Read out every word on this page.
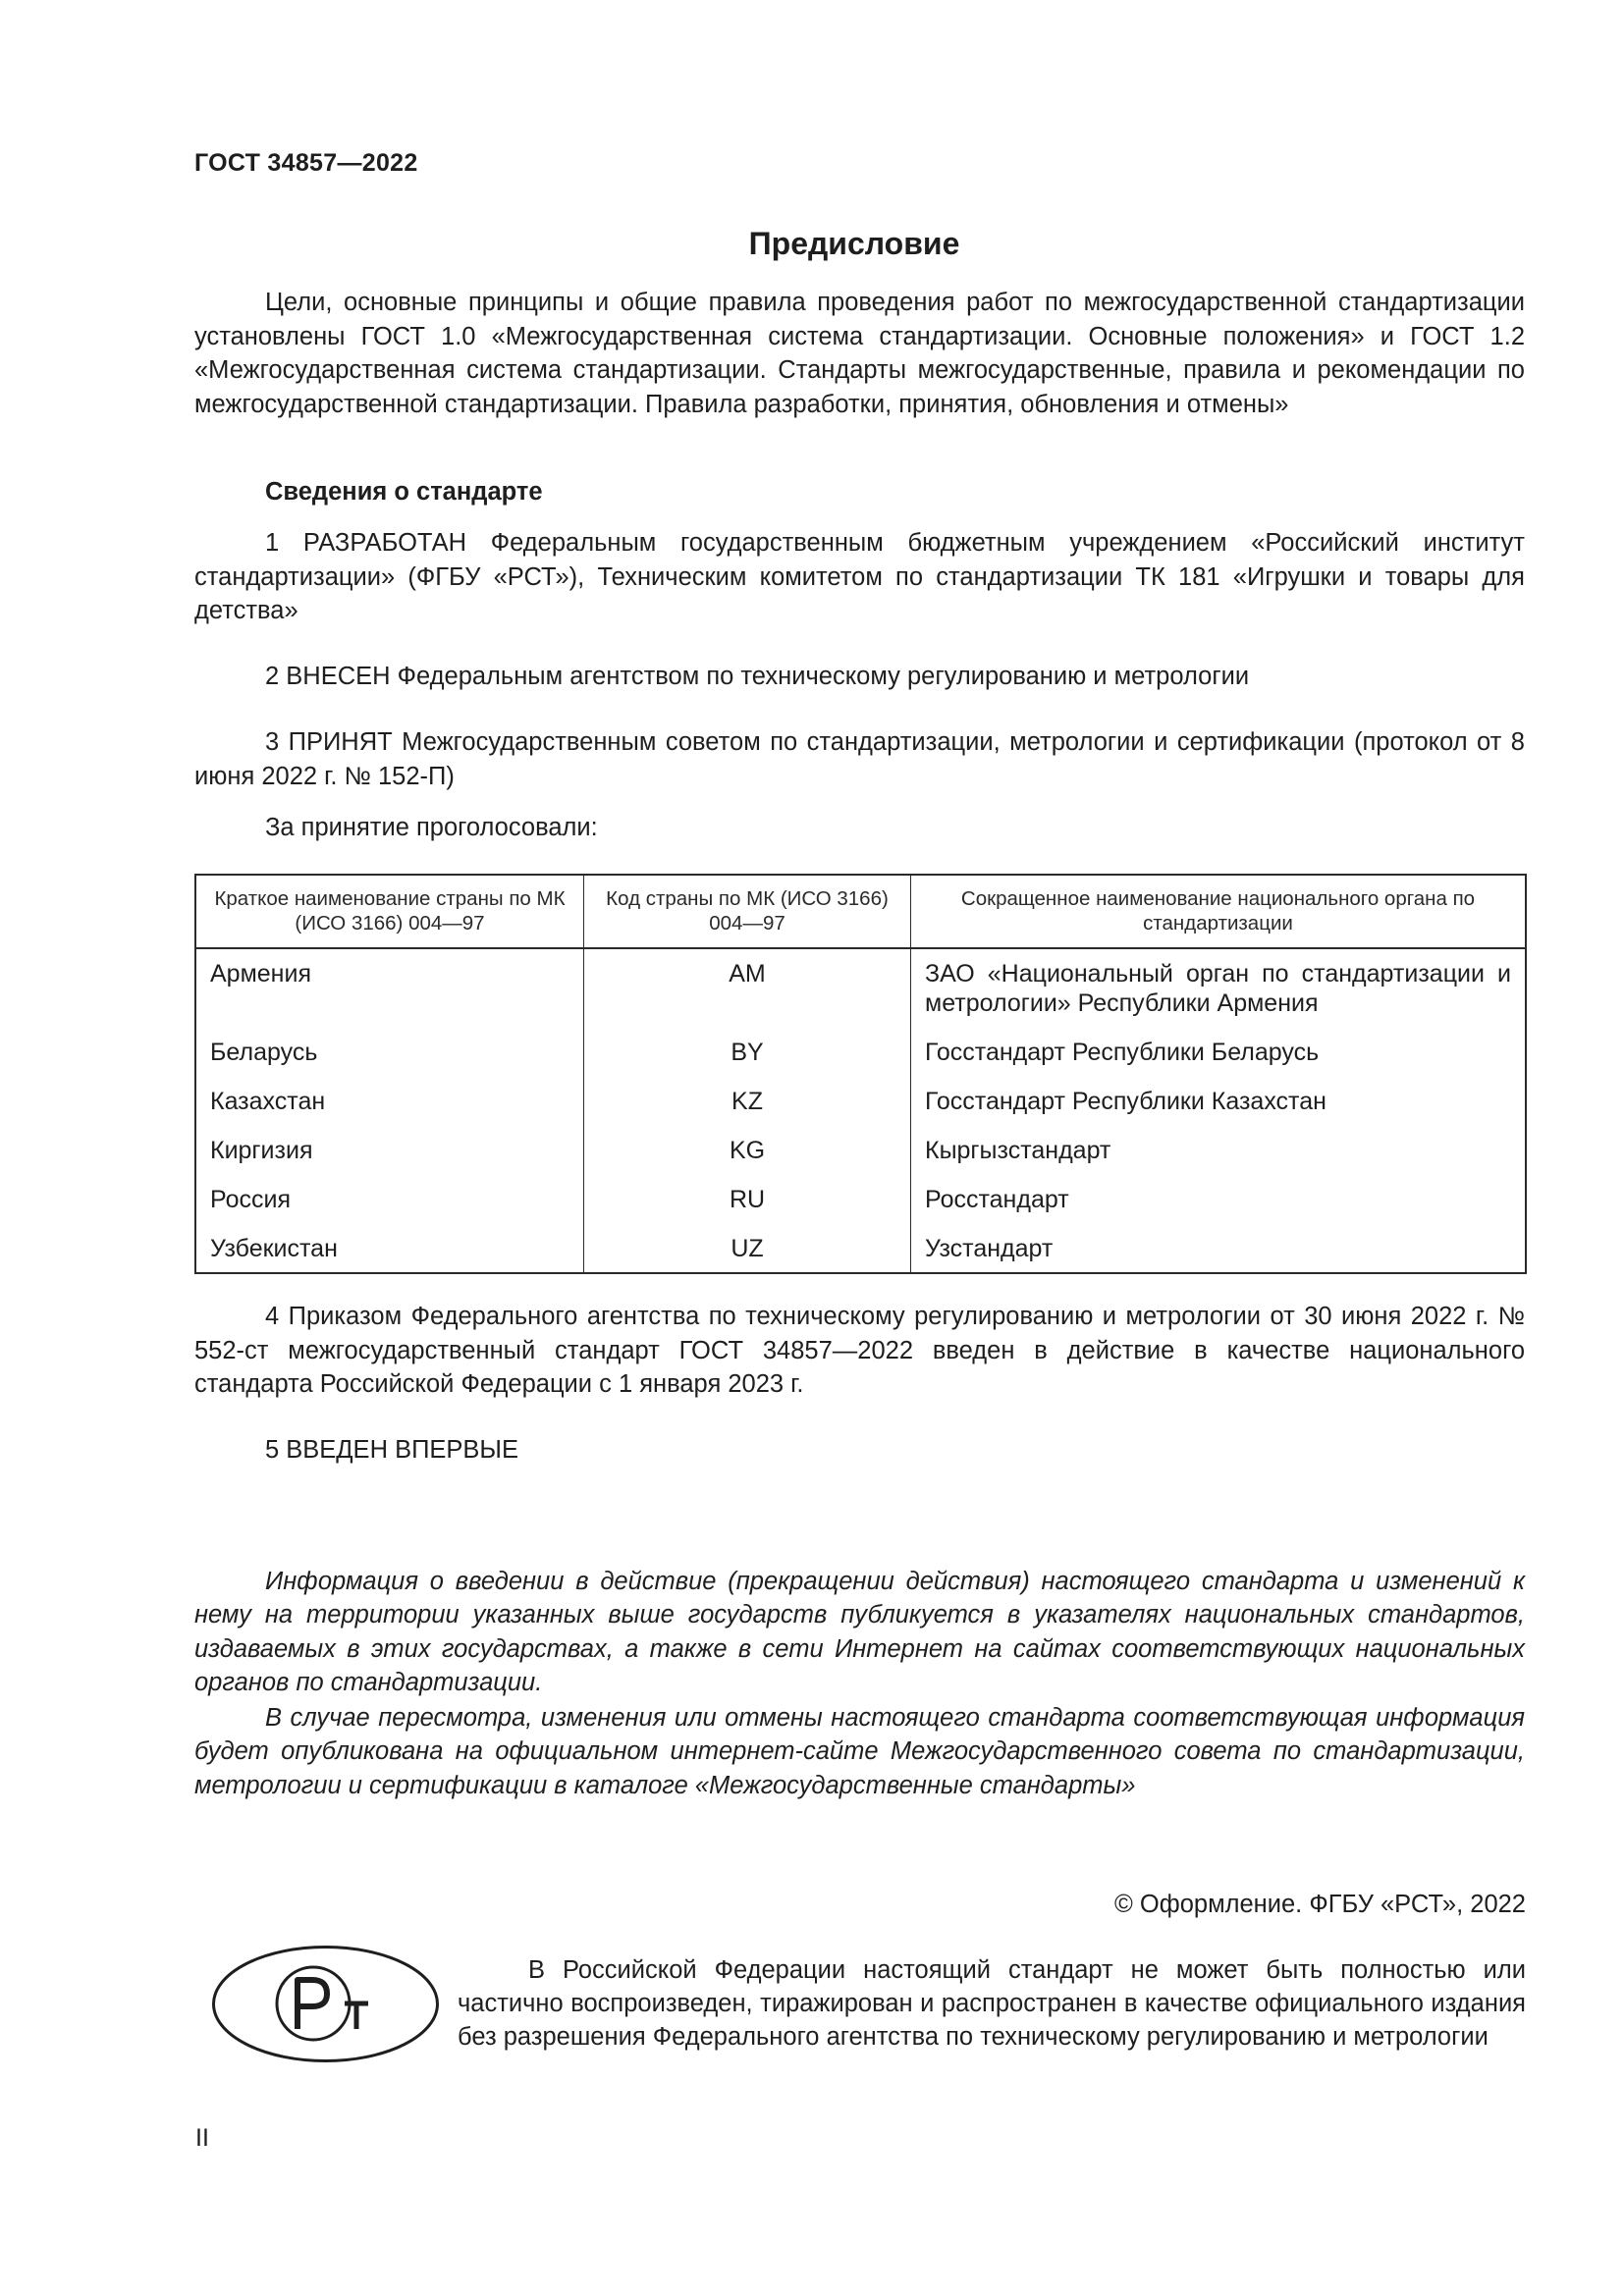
ГОСТ 34857—2022
Предисловие

Цели, основные принципы и общие правила проведения работ по межгосударственной стандартизации установлены ГОСТ 1.0 «Межгосударственная система стандартизации. Основные положения» и ГОСТ 1.2 «Межгосударственная система стандартизации. Стандарты межгосударственные, правила и рекомендации по межгосударственной стандартизации. Правила разработки, принятия, обновления и отмены»

Сведения о стандарте

1 РАЗРАБОТАН Федеральным государственным бюджетным учреждением «Российский институт стандартизации» (ФГБУ «РСТ»), Техническим комитетом по стандартизации ТК 181 «Игрушки и товары для детства»

2 ВНЕСЕН Федеральным агентством по техническому регулированию и метрологии

3 ПРИНЯТ Межгосударственным советом по стандартизации, метрологии и сертификации (протокол от 8 июня 2022 г. № 152-П)

За принятие проголосовали:

Краткое наименование страны по МК (ИСО 3166) 004—97	Код страны по МК (ИСО 3166) 004—97	Сокращенное наименование национального органа по стандартизации
Армения	AM	ЗАО «Национальный орган по стандартизации и метрологии» Республики Армения
Беларусь	BY	Госстандарт Республики Беларусь
Казахстан	KZ	Госстандарт Республики Казахстан
Киргизия	KG	Кыргызстандарт
Россия	RU	Росстандарт
Узбекистан	UZ	Узстандарт

4 Приказом Федерального агентства по техническому регулированию и метрологии от 30 июня 2022 г. № 552-ст межгосударственный стандарт ГОСТ 34857—2022 введен в действие в качестве национального стандарта Российской Федерации с 1 января 2023 г.

5 ВВЕДЕН ВПЕРВЫЕ

Информация о введении в действие (прекращении действия) настоящего стандарта и изменений к нему на территории указанных выше государств публикуется в указателях национальных стандартов, издаваемых в этих государствах, а также в сети Интернет на сайтах соответствующих национальных органов по стандартизации.

В случае пересмотра, изменения или отмены настоящего стандарта соответствующая информация будет опубликована на официальном интернет-сайте Межгосударственного совета по стандартизации, метрологии и сертификации в каталоге «Межгосударственные стандарты»

© Оформление. ФГБУ «РСТ», 2022

В Российской Федерации настоящий стандарт не может быть полностью или частично воспроизведен, тиражирован и распространен в качестве официального издания без разрешения Федерального агентства по техническому регулированию и метрологии

II
